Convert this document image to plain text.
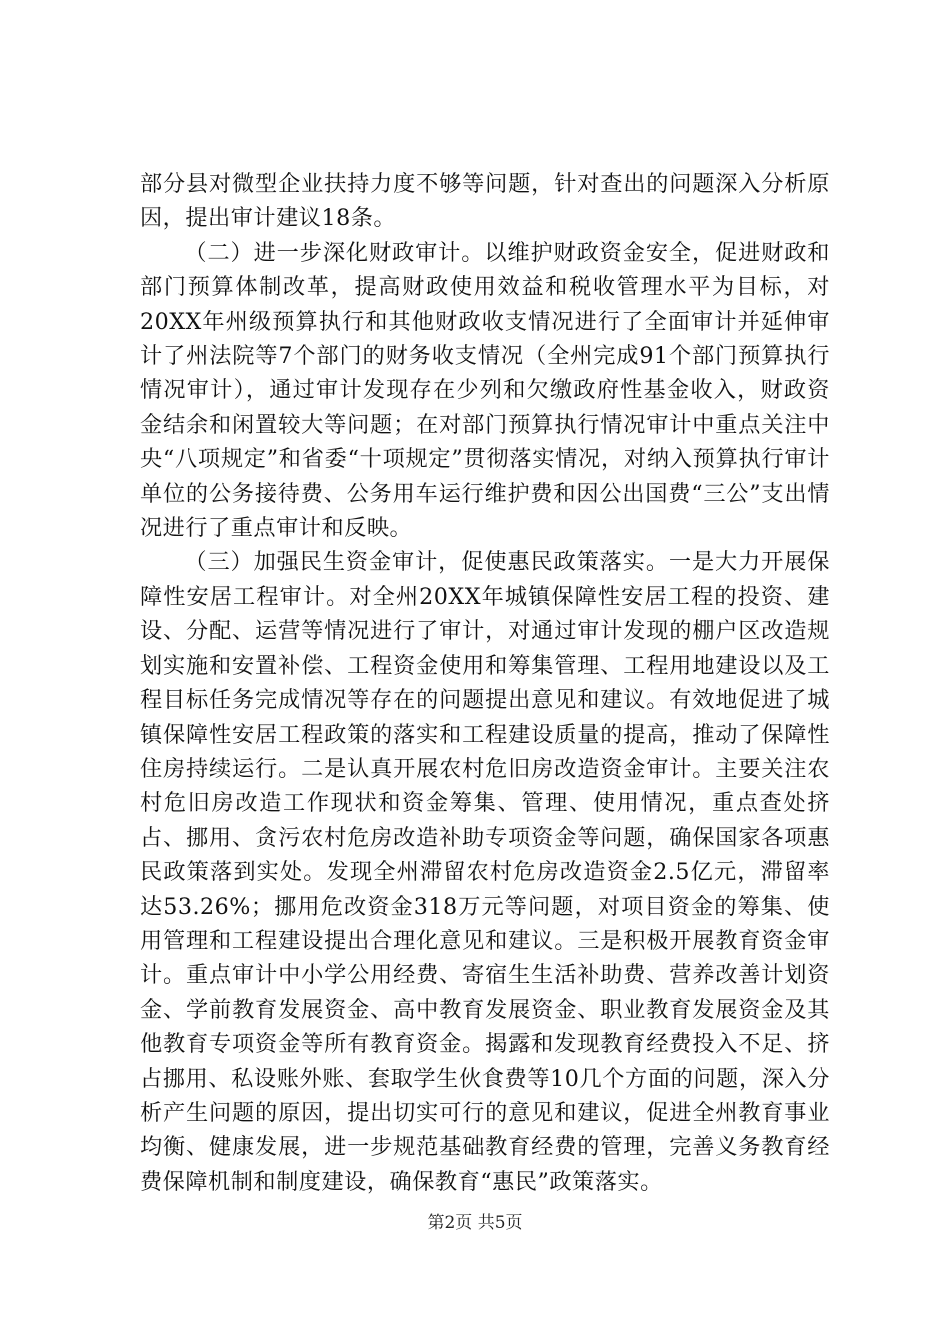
部分县对微型企业扶持力度不够等问题，针对查出的问题深入分析原因，提出审计建议18条。

（二）进一步深化财政审计。以维护财政资金安全，促进财政和部门预算体制改革，提高财政使用效益和税收管理水平为目标，对20XX年州级预算执行和其他财政收支情况进行了全面审计并延伸审计了州法院等7个部门的财务收支情况（全州完成91个部门预算执行情况审计），通过审计发现存在少列和欠缴政府性基金收入，财政资金结余和闲置较大等问题；在对部门预算执行情况审计中重点关注中央“八项规定”和省委“十项规定”贯彻落实情况，对纳入预算执行审计单位的公务接待费、公务用车运行维护费和因公出国费“三公”支出情况进行了重点审计和反映。

（三）加强民生资金审计，促使惠民政策落实。一是大力开展保障性安居工程审计。对全州20XX年城镇保障性安居工程的投资、建设、分配、运营等情况进行了审计，对通过审计发现的棚户区改造规划实施和安置补偿、工程资金使用和筹集管理、工程用地建设以及工程目标任务完成情况等存在的问题提出意见和建议。有效地促进了城镇保障性安居工程政策的落实和工程建设质量的提高，推动了保障性住房持续运行。二是认真开展农村危旧房改造资金审计。主要关注农村危旧房改造工作现状和资金筹集、管理、使用情况，重点查处挤占、挪用、贪污农村危房改造补助专项资金等问题，确保国家各项惠民政策落到实处。发现全州滞留农村危房改造资金2.5亿元，滞留率达53.26%；挪用危改资金318万元等问题，对项目资金的筹集、使用管理和工程建设提出合理化意见和建议。三是积极开展教育资金审计。重点审计中小学公用经费、寄宿生生活补助费、营养改善计划资金、学前教育发展资金、高中教育发展资金、职业教育发展资金及其他教育专项资金等所有教育资金。揭露和发现教育经费投入不足、挤占挪用、私设账外账、套取学生伙食费等10几个方面的问题，深入分析产生问题的原因，提出切实可行的意见和建议，促进全州教育事业均衡、健康发展，进一步规范基础教育经费的管理，完善义务教育经费保障机制和制度建设，确保教育“惠民”政策落实。

第2页 共5页
